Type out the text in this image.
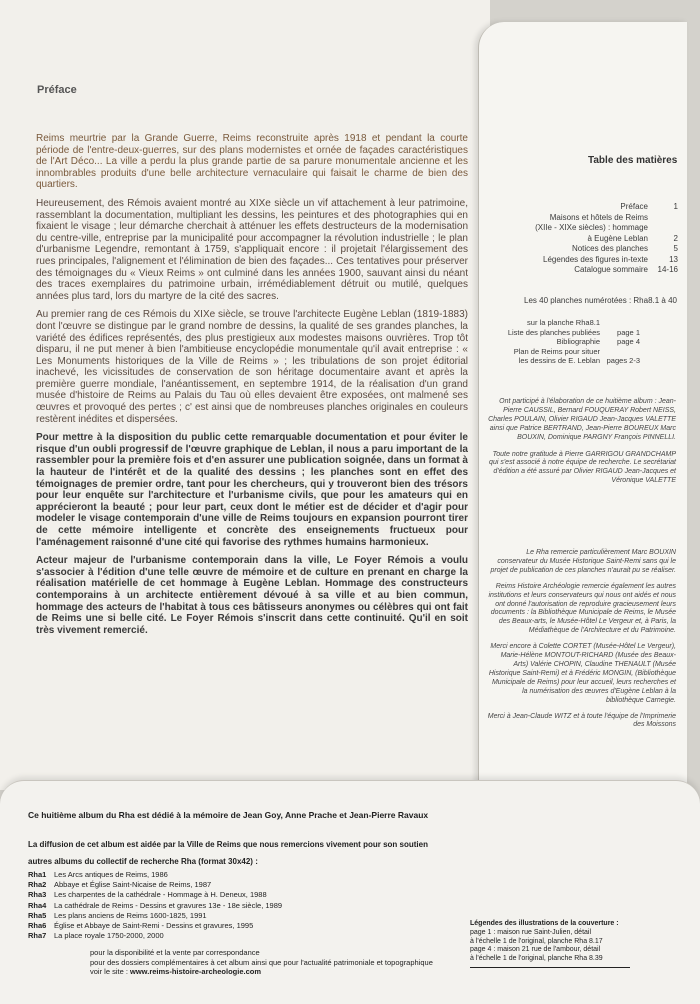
Préface

Reims meurtrie par la Grande Guerre, Reims reconstruite après 1918 et pendant la courte période de l'entre-deux-guerres, sur des plans modernistes et ornée de façades caractéristiques de l'Art Déco... La ville a perdu la plus grande partie de sa parure monumentale ancienne et les innombrables produits d'une belle architecture vernaculaire qui faisait le charme de bien des quartiers.

Heureusement, des Rémois avaient montré au XIXe siècle un vif attachement à leur patrimoine, rassemblant la documentation, multipliant les dessins, les peintures et des photographies qui en fixaient le visage ; leur démarche cherchait à atténuer les effets destructeurs de la modernisation du centre-ville, entreprise par la municipalité pour accompagner la révolution industrielle ; le plan d'urbanisme Legendre, remontant à 1759, s'appliquait encore : il projetait l'élargissement des rues principales, l'alignement et l'élimination de bien des façades... Ces tentatives pour préserver des témoignages du « Vieux Reims » ont culminé dans les années 1900, sauvant ainsi du néant des traces exemplaires du patrimoine urbain, irrémédiablement détruit ou mutilé, quelques années plus tard, lors du martyre de la cité des sacres.

Au premier rang de ces Rémois du XIXe siècle, se trouve l'architecte Eugène Leblan (1819-1883) dont l'œuvre se distingue par le grand nombre de dessins, la qualité de ses grandes planches, la variété des édifices représentés, des plus prestigieux aux modestes maisons ouvrières. Trop tôt disparu, il ne put mener à bien l'ambitieuse encyclopédie monumentale qu'il avait entreprise : « Les Monuments historiques de la Ville de Reims » ; les tribulations de son projet éditorial inachevé, les vicissitudes de conservation de son héritage documentaire avant et après la première guerre mondiale, l'anéantissement, en septembre 1914, de la réalisation d'un grand musée d'histoire de Reims au Palais du Tau où elles devaient être exposées, ont malmené ses œuvres et provoqué des pertes ; c' est ainsi que de nombreuses planches originales en couleurs restèrent inédites et dispersées.

Pour mettre à la disposition du public cette remarquable documentation et pour éviter le risque d'un oubli progressif de l'œuvre graphique de Leblan, il nous a paru important de la rassembler pour la première fois et d'en assurer une publication soignée, dans un format à la hauteur de l'intérêt et de la qualité des dessins ; les planches sont en effet des témoignages de premier ordre, tant pour les chercheurs, qui y trouveront bien des trésors pour leur enquête sur l'architecture et l'urbanisme civils, que pour les amateurs qui en apprécieront la beauté ; pour leur part, ceux dont le métier est de décider et d'agir pour modeler le visage contemporain d'une ville de Reims toujours en expansion pourront tirer de cette mémoire intelligente et concrète des enseignements fructueux pour l'aménagement raisonné d'une cité qui favorise des rythmes humains harmonieux.

Acteur majeur de l'urbanisme contemporain dans la ville, Le Foyer Rémois a voulu s'associer à l'édition d'une telle œuvre de mémoire et de culture en prenant en charge la réalisation matérielle de cet hommage à Eugène Leblan. Hommage des constructeurs contemporains à un architecte entièrement dévoué à sa ville et au bien commun, hommage des acteurs de l'habitat à tous ces bâtisseurs anonymes ou célèbres qui ont fait de Reims une si belle cité. Le Foyer Rémois s'inscrit dans cette continuité. Qu'il en soit très vivement remercié.

Table des matières
Préface	1
Maisons et hôtels de Reims
(XIIe - XIXe siècles) : hommage
à Eugène Leblan	2
Notices des planches	5
Légendes des figures in-texte	13
Catalogue sommaire	14-16
Les 40 planches numérotées : Rha8.1 à 40
sur la planche Rha8.1
Liste des planches publiées	page 1
Bibliographie	page 4
Plan de Reims pour situer
les dessins de E. Leblan pages 2-3

Ont participé à l'élaboration de ce huitième album : Jean-Pierre CAUSSIL, Bernard FOUQUERAY Robert NEISS, Charles POULAIN, Olivier RIGAUD Jean-Jacques VALETTE ainsi que Patrice BERTRAND, Jean-Pierre BOUREUX Marc BOUXIN, Dominique PARGNY François PINNELLI.

Toute notre gratitude à Pierre GARRIGOU GRANDCHAMP qui s'est associé à notre équipe de recherche. Le secrétariat d'édition a été assuré par Olivier RIGAUD Jean-Jacques et Véronique VALETTE

Le Rha remercie particulièrement Marc BOUXIN conservateur du Musée Historique Saint-Remi sans qui le projet de publication de ces planches n'aurait pu se réaliser.

Reims Histoire Archéologie remercie également les autres institutions et leurs conservateurs qui nous ont aidés et nous ont donné l'autorisation de reproduire gracieusement leurs documents : la Bibliothèque Municipale de Reims, le Musée des Beaux-arts, le Musée-Hôtel Le Vergeur et, à Paris, la Médiathèque de l'Architecture et du Patrimoine.

Merci encore à Colette CORTET (Musée-Hôtel Le Vergeur), Marie-Hélène MONTOUT-RICHARD (Musée des Beaux-Arts) Valérie CHOPIN, Claudine THENAULT (Musée Historique Saint-Remi) et à Frédéric MONGIN, (Bibliothèque Municipale de Reims) pour leur accueil, leurs recherches et la numérisation des œuvres d'Eugène Leblan à la bibliothèque Carnegie.

Merci à Jean-Claude WITZ et à toute l'équipe de l'Imprimerie des Moissons

Ce huitième album du Rha est dédié à la mémoire de Jean Goy, Anne Prache et Jean-Pierre Ravaux
La diffusion de cet album est aidée par la Ville de Reims que nous remercions vivement pour son soutien
autres albums du collectif de recherche Rha (format 30x42) :
Rha1	Les Arcs antiques de Reims, 1986
Rha2	Abbaye et Église Saint-Nicaise de Reims, 1987
Rha3	Les charpentes de la cathédrale - Hommage à H. Deneux, 1988
Rha4	La cathédrale de Reims - Dessins et gravures 13e - 18e siècle, 1989
Rha5	Les plans anciens de Reims 1600-1825, 1991
Rha6	Église et Abbaye de Saint-Remi - Dessins et gravures, 1995
Rha7	La place royale 1750-2000, 2000
pour la disponibilité et la vente par correspondance
pour des dossiers complémentaires à cet album ainsi que pour l'actualité patrimoniale et topographique
voir le site : www.reims-histoire-archeologie.com
Légendes des illustrations de la couverture :
page 1 : maison rue Saint-Julien, détail
à l'échelle 1 de l'original, planche Rha 8.17
page 4 : maison 21 rue de l'ambour, détail
à l'échelle 1 de l'original, planche Rha 8.39
